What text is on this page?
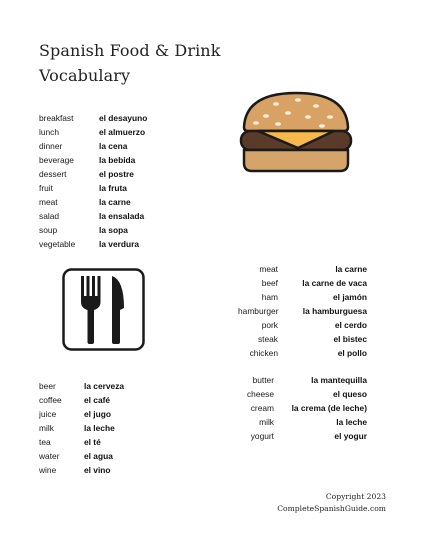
Spanish Food & Drink
Vocabulary
breakfast	el desayuno
lunch	el almuerzo
dinner	la cena
beverage	la bebida
dessert	el postre
fruit	la fruta
meat	la carne
salad	la ensalada
soup	la sopa
vegetable	la verdura
meat	la carne
beef	la carne de vaca
ham	el jamón
hamburger	la hamburguesa
pork	el cerdo
steak	el bistec
chicken	el pollo
beer	la cerveza
coffee	el café
juice	el jugo
milk	la leche
tea	el té
water	el agua
wine	el vino
butter	la mantequilla
cheese	el queso
cream la crema (de leche)
milk	la leche
yogurt	el yogur
Copyright 2023
CompleteSpanishGuide.com
